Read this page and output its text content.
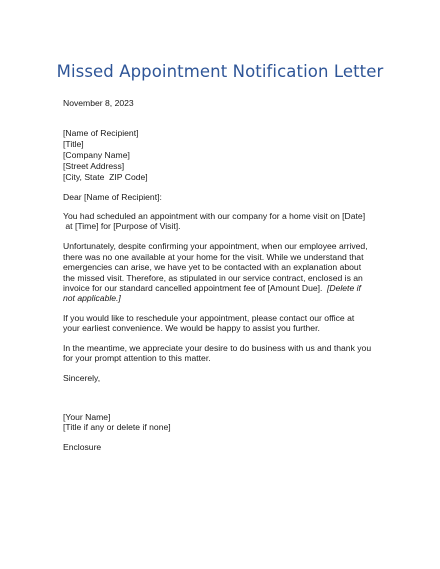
Missed Appointment Notification Letter
November 8, 2023
[Name of Recipient]
[Title]
[Company Name]
[Street Address]
[City, State  ZIP Code]
Dear [Name of Recipient]:
You had scheduled an appointment with our company for a home visit on [Date]
at [Time] for [Purpose of Visit].
Unfortunately, despite confirming your appointment, when our employee arrived,
there was no one available at your home for the visit. While we understand that
emergencies can arise, we have yet to be contacted with an explanation about
the missed visit. Therefore, as stipulated in our service contract, enclosed is an
invoice for our standard cancelled appointment fee of [Amount Due]. [Delete if
not applicable.]
If you would like to reschedule your appointment, please contact our office at
your earliest convenience. We would be happy to assist you further.
In the meantime, we appreciate your desire to do business with us and thank you
for your prompt attention to this matter.
Sincerely,
[Your Name]
[Title if any or delete if none]
Enclosure
